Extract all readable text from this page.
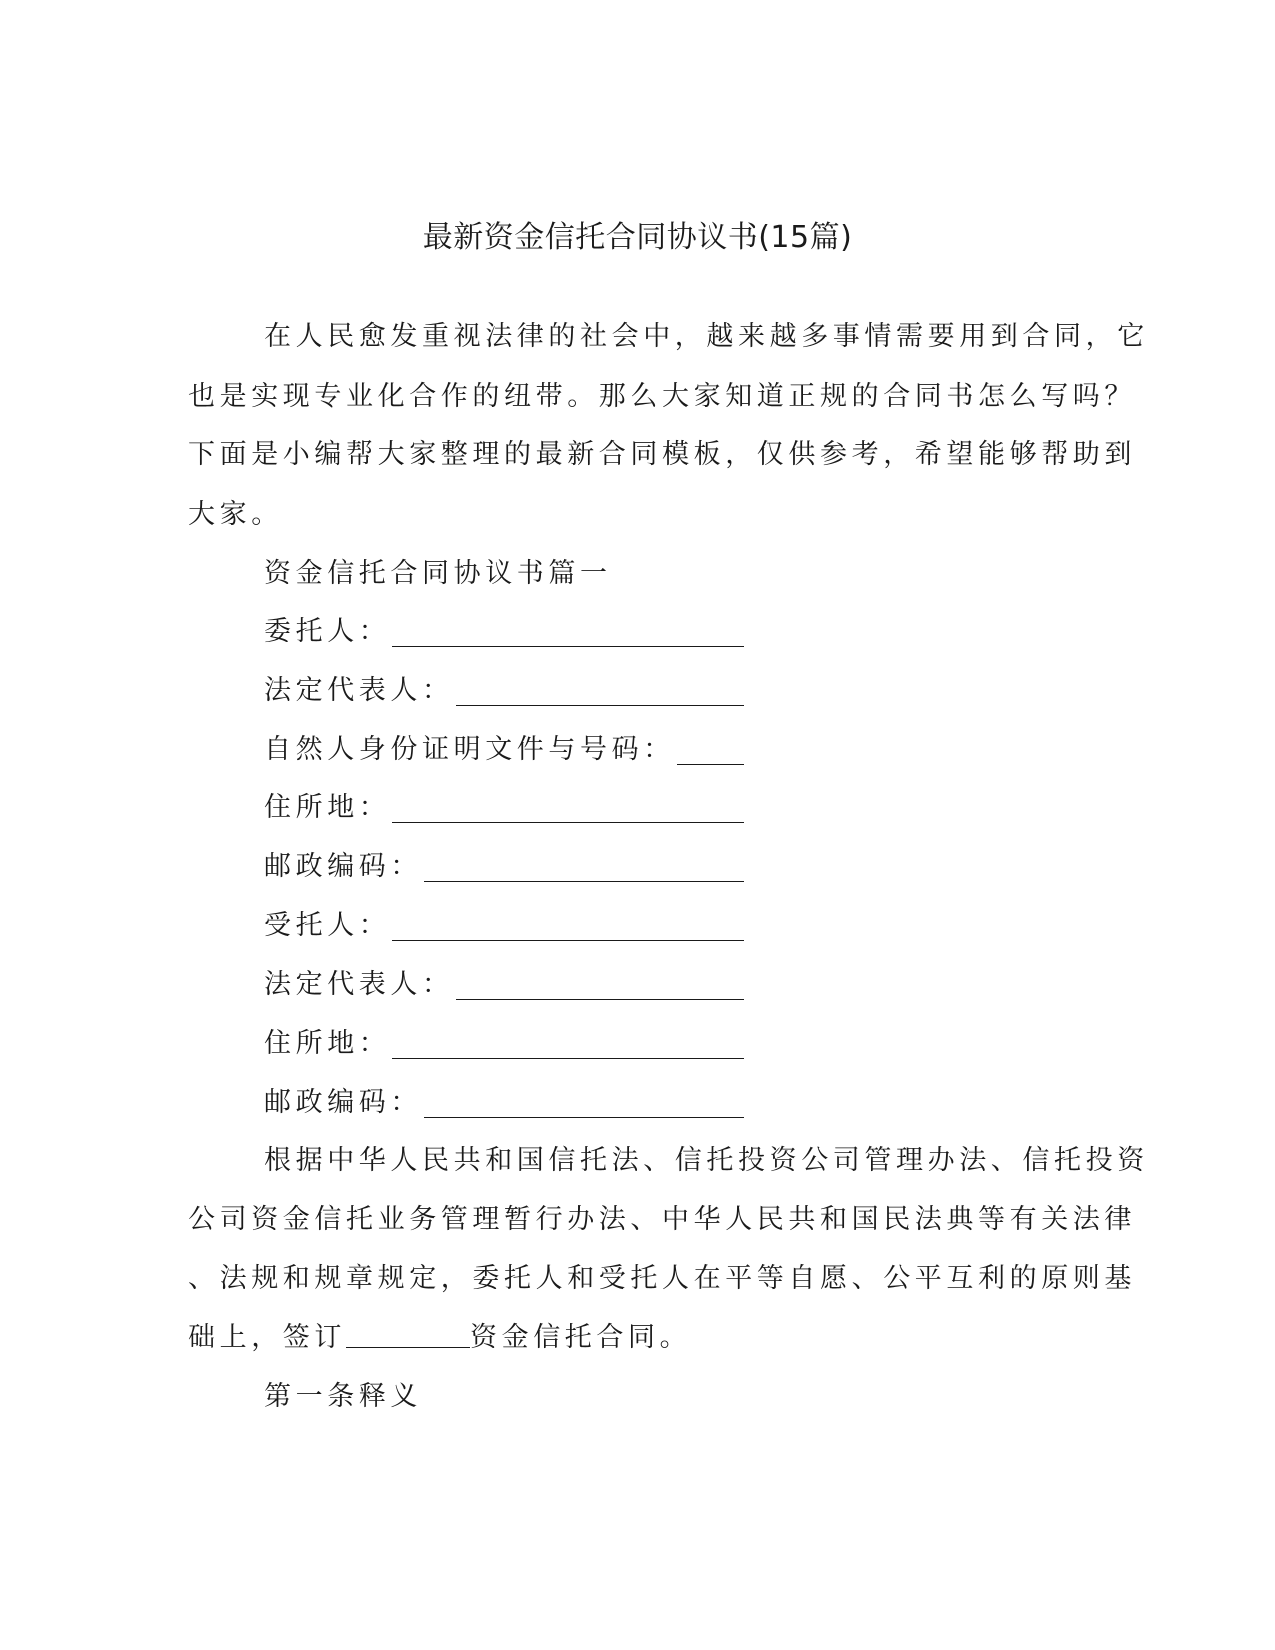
最新资金信托合同协议书(15篇)
在人民愈发重视法律的社会中，越来越多事情需要用到合同，它
也是实现专业化合作的纽带。那么大家知道正规的合同书怎么写吗？
下面是小编帮大家整理的最新合同模板，仅供参考，希望能够帮助到
大家。
资金信托合同协议书篇一
委托人：
法定代表人：
自然人身份证明文件与号码：
住所地：
邮政编码：
受托人：
法定代表人：
住所地：
邮政编码：
根据中华人民共和国信托法、信托投资公司管理办法、信托投资
公司资金信托业务管理暂行办法、中华人民共和国民法典等有关法律
、法规和规章规定，委托人和受托人在平等自愿、公平互利的原则基
础上，签订	资金信托合同。
第一条释义
